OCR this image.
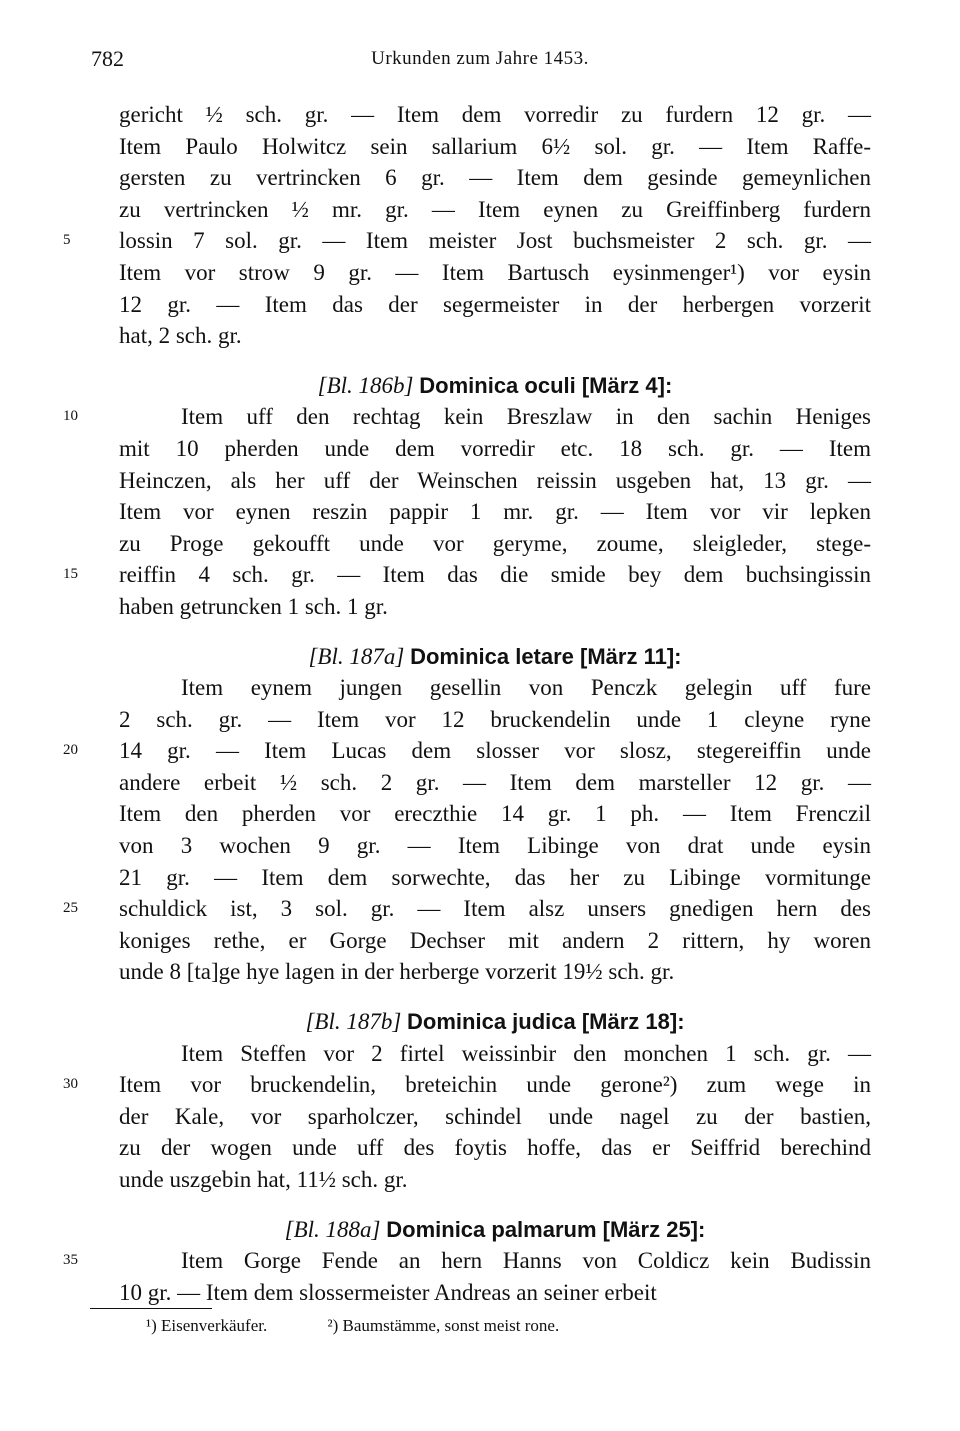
782	Urkunden zum Jahre 1453.
gericht ½ sch. gr. — Item dem vorredir zu furdern 12 gr. —
Item Paulo Holwitcz sein sallarium 6½ sol. gr. — Item Raffe-
gersten zu vertrincken 6 gr. — Item dem gesinde gemeynlichen
zu vertrincken ½ mr. gr. — Item eynen zu Greiffinberg furdern
lossin 7 sol. gr. — Item meister Jost buchsmeister 2 sch. gr. —
5
Item vor strow 9 gr. — Item Bartusch eysinmenger¹) vor eysin
12 gr. — Item das der segermeister in der herbergen vorzerit
hat, 2 sch. gr.
[Bl. 186b] Dominica oculi [März 4]:
Item uff den rechtag kein Breszlaw in den sachin Heniges
10
mit 10 pherden unde dem vorredir etc. 18 sch. gr. — Item
Heinczen, als her uff der Weinschen reissin usgeben hat, 13 gr. —
Item vor eynen reszin pappir 1 mr. gr. — Item vor vir lepken
zu Proge gekoufft unde vor geryme, zoume, sleigleder, stege-
reiffin 4 sch. gr. — Item das die smide bey dem buchsingissin
15
haben getruncken 1 sch. 1 gr.
[Bl. 187a] Dominica letare [März 11]:
Item eynem jungen gesellin von Penczk gelegin uff fure
2 sch. gr. — Item vor 12 bruckendelin unde 1 cleyne ryne
14 gr. — Item Lucas dem slosser vor slosz, stegereiffin unde
20
andere erbeit ½ sch. 2 gr. — Item dem marsteller 12 gr. —
Item den pherden vor ereczthie 14 gr. 1 ph. — Item Frenczil
von 3 wochen 9 gr. — Item Libinge von drat unde eysin
21 gr. — Item dem sorwechte, das her zu Libinge vormitunge
schuldick ist, 3 sol. gr. — Item alsz unsers gnedigen hern des
25
koniges rethe, er Gorge Dechser mit andern 2 rittern, hy woren
unde 8 [ta]ge hye lagen in der herberge vorzerit 19½ sch. gr.
[Bl. 187b] Dominica judica [März 18]:
Item Steffen vor 2 firtel weissinbir den monchen 1 sch. gr. —
Item vor bruckendelin, breteichin unde gerone²) zum wege in
30
der Kale, vor sparholczer, schindel unde nagel zu der bastien,
zu der wogen unde uff des foytis hoffe, das er Seiffrid berechind
unde uszgebin hat, 11½ sch. gr.
[Bl. 188a] Dominica palmarum [März 25]:
Item Gorge Fende an hern Hanns von Coldicz kein Budissin
35
10 gr. — Item dem slossermeister Andreas an seiner erbeit
¹) Eisenverkäufer.	²) Baumstämme, sonst meist rone.
